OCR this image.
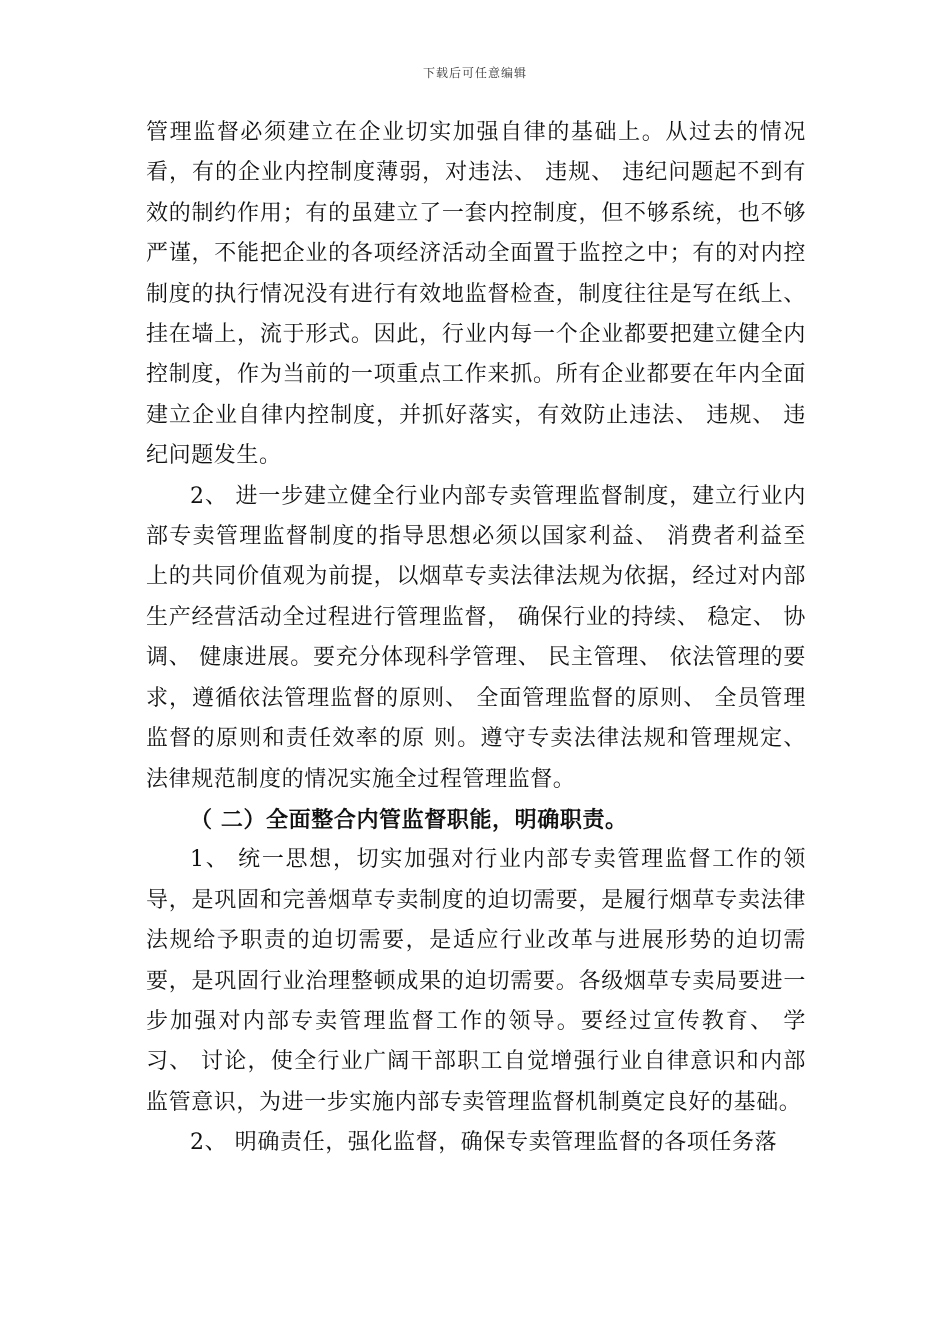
下载后可任意编辑

管理监督必须建立在企业切实加强自律的基础上。从过去的情况看，有的企业内控制度薄弱，对违法、 违规、 违纪问题起不到有效的制约作用；有的虽建立了一套内控制度，但不够系统，也不够严谨，不能把企业的各项经济活动全面置于监控之中；有的对内控制度的执行情况没有进行有效地监督检查，制度往往是写在纸上、 挂在墙上，流于形式。因此，行业内每一个企业都要把建立健全内控制度，作为当前的一项重点工作来抓。所有企业都要在年内全面建立企业自律内控制度，并抓好落实，有效防止违法、 违规、 违纪问题发生。

2、 进一步建立健全行业内部专卖管理监督制度，建立行业内部专卖管理监督制度的指导思想必须以国家利益、 消费者利益至上的共同价值观为前提，以烟草专卖法律法规为依据，经过对内部生产经营活动全过程进行管理监督， 确保行业的持续、 稳定、 协调、 健康进展。要充分体现科学管理、 民主管理、 依法管理的要求，遵循依法管理监督的原则、 全面管理监督的原则、 全员管理监督的原则和责任效率的原 则。遵守专卖法律法规和管理规定、 法律规范制度的情况实施全过程管理监督。

（ 二）全面整合内管监督职能，明确职责。

1、 统一思想，切实加强对行业内部专卖管理监督工作的领导，是巩固和完善烟草专卖制度的迫切需要，是履行烟草专卖法律法规给予职责的迫切需要，是适应行业改革与进展形势的迫切需要，是巩固行业治理整顿成果的迫切需要。各级烟草专卖局要进一步加强对内部专卖管理监督工作的领导。要经过宣传教育、 学习、 讨论，使全行业广阔干部职工自觉增强行业自律意识和内部监管意识，为进一步实施内部专卖管理监督机制奠定良好的基础。

2、 明确责任，强化监督，确保专卖管理监督的各项任务落
